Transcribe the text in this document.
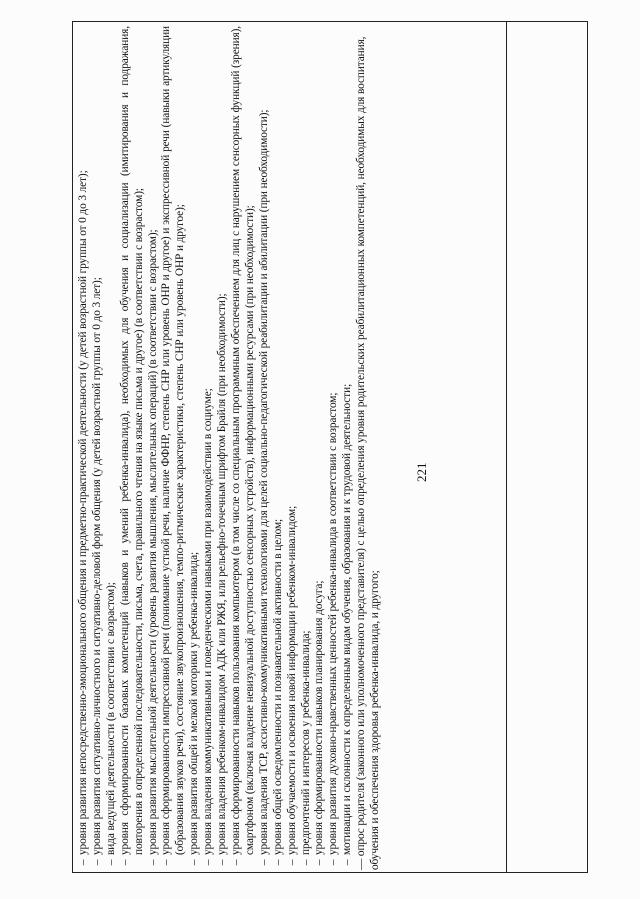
221
–
уровня развития непосредственно-эмоционального общения и предметно-практической деятельности (у детей возрастной группы от 0 до 3 лет);
–
уровня развития ситуативно-личностного и ситуативно-деловой форм общения (у детей возрастной группы от 0 до 3 лет);
–
вида ведущей деятельности (в соответствии с возрастом);
–
уровня сформированности базовых компетенций (навыков и умений ребенка-инвалида), необходимых для обучения и социализации (имитирования и подражания, повторения в определенной последовательности, письма, счета, правильного чтения на языке письма и другое) (в соответствии с возрастом);
–
уровня развития мыслительной деятельности (уровень развития мышления, мыслительных операций) (в соответствии с возрастом);
–
уровня сформированности импрессивной речи (понимание устной речи, наличие ФФНР, степень СНР или уровень ОНР и другое) и экспрессивной речи (навыки артикуляции (образования звуков речи), состояние звукопроизношения, темпо-ритмические характеристики, степень СНР или уровень ОНР и другое);
–
уровня развития общей и мелкой моторики у ребенка-инвалида;
–
уровня владения коммуникативными и поведенческими навыками при взаимодействии в социуме;
–
уровня владения ребенком-инвалидом АДК или РЖЯ, или рельефно-точечным шрифтом Брайля (при необходимости);
–
уровня сформированности навыков пользования компьютером (в том числе со специальным программным обеспечением для лиц с нарушением сенсорных функций (зрения), смартфоном (включая владение невизуальной доступностью сенсорных устройств), информационными ресурсами (при необходимости);
–
уровня владения ТСР, ассистивно-коммуникативными технологиями для целей социально-педагогической реабилитации и абилитации (при необходимости);
–
уровня общей осведомленности и познавательной активности в целом;
–
уровня обучаемости и освоения новой информации ребенком-инвалидом;
–
предпочтений и интересов у ребенка-инвалида;
–
уровня сформированности навыков планирования досуга;
–
уровня развития духовно-нравственных ценностей ребенка-инвалида в соответствии с возрастом;
–
мотивации и склонности к определенным видам обучения, образования и к трудовой деятельности; — опрос родителя (законного или уполномоченного представителя) с целью определения уровня родительских реабилитационных компетенций, необходимых для воспитания, обучения и обеспечения здоровья ребенка-инвалида, и другого;
